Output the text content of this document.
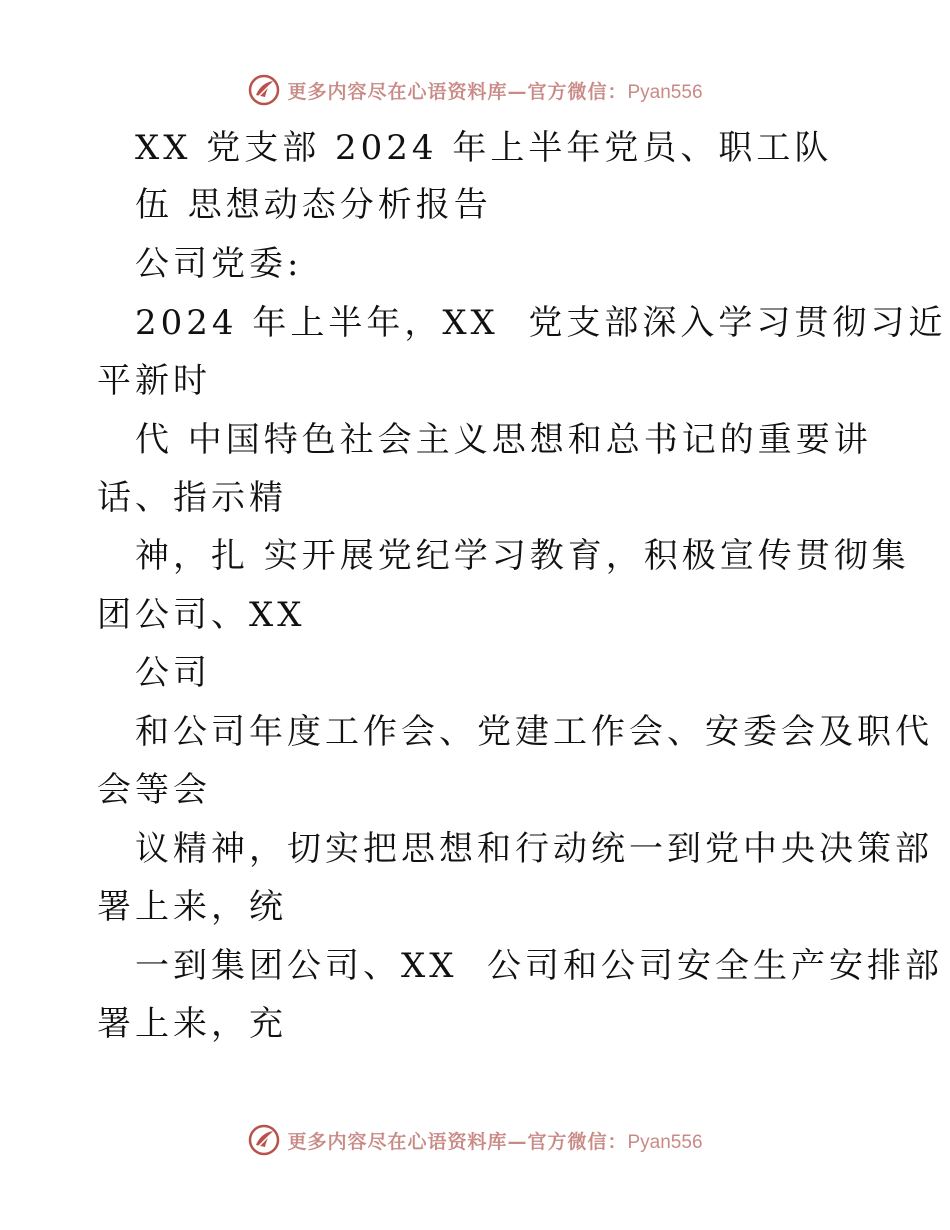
更多内容尽在心语资料库—官方微信：Pyan556
XX 党支部 2024 年上半年党员、职工队
伍 思想动态分析报告
公司党委:
2024 年上半年，XX  党支部深入学习贯彻习近
平新时
代 中国特色社会主义思想和总书记的重要讲
话、指示精
神，扎 实开展党纪学习教育，积极宣传贯彻集
团公司、XX
公司
和公司年度工作会、党建工作会、安委会及职代
会等会
议精神，切实把思想和行动统一到党中央决策部
署上来，统
一到集团公司、XX  公司和公司安全生产安排部
署上来，充
更多内容尽在心语资料库—官方微信：Pyan556
